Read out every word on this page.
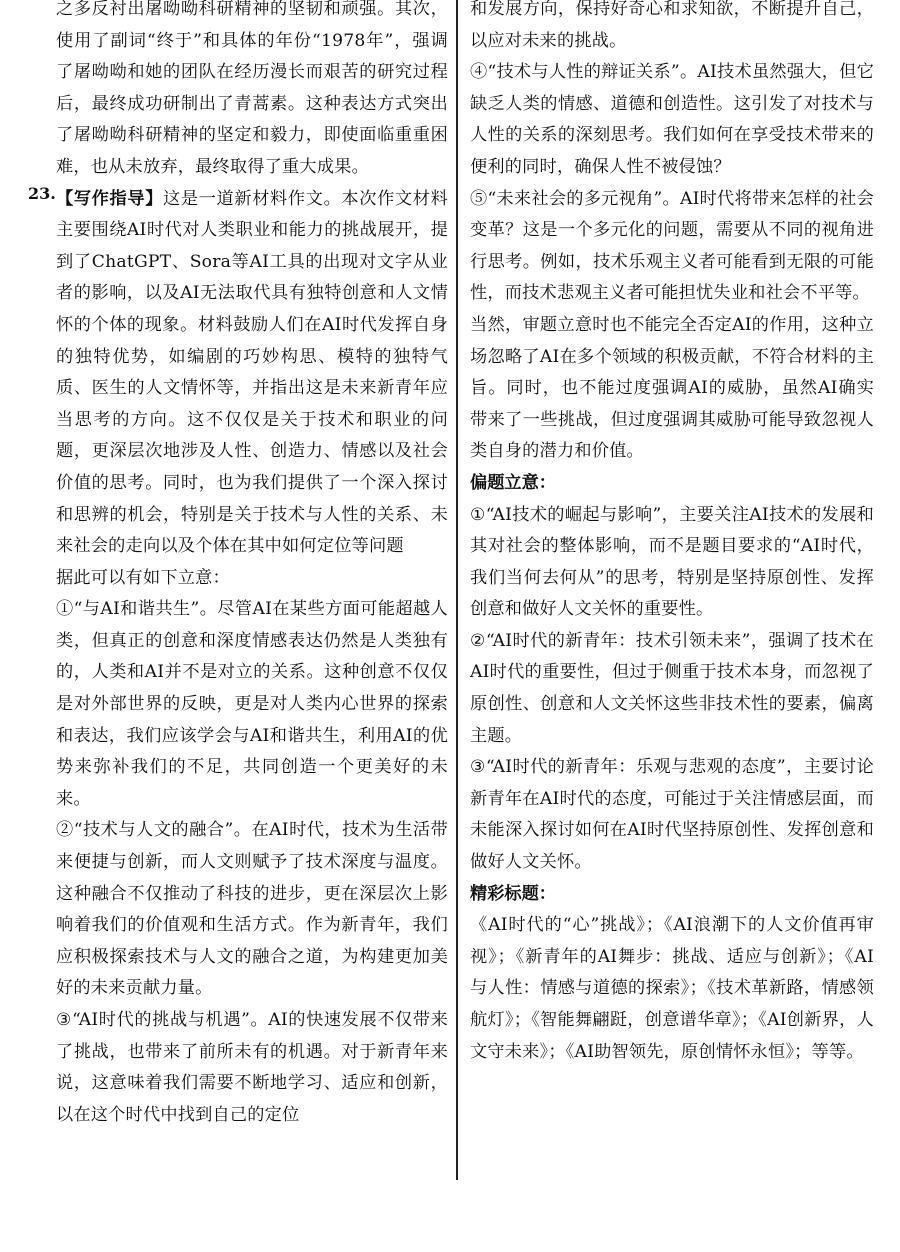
之多反衬出屠呦呦科研精神的坚韧和顽强。其次，使用了副词“终于”和具体的年份“1978年”，强调了屠呦呦和她的团队在经历漫长而艰苦的研究过程后，最终成功研制出了青蒿素。这种表达方式突出了屠呦呦科研精神的坚定和毅力，即使面临重重困难，也从未放弃，最终取得了重大成果。

23. 【写作指导】这是一道新材料作文。本次作文材料主要围绕AI时代对人类职业和能力的挑战展开，提到了ChatGPT、Sora等AI工具的出现对文字从业者的影响，以及AI无法取代具有独特创意和人文情怀的个体的现象。材料鼓励人们在AI时代发挥自身的独特优势，如编剧的巧妙构思、模特的独特气质、医生的人文情怀等，并指出这是未来新青年应当思考的方向。这不仅仅是关于技术和职业的问题，更深层次地涉及人性、创造力、情感以及社会价值的思考。同时，也为我们提供了一个深入探讨和思辨的机会，特别是关于技术与人性的关系、未来社会的走向以及个体在其中如何定位等问题

据此可以有如下立意：

①“与AI和谐共生”。尽管AI在某些方面可能超越人类，但真正的创意和深度情感表达仍然是人类独有的，人类和AI并不是对立的关系。这种创意不仅仅是对外部世界的反映，更是对人类内心世界的探索和表达，我们应该学会与AI和谐共生，利用AI的优势来弥补我们的不足，共同创造一个更美好的未来。

②“技术与人文的融合”。在AI时代，技术为生活带来便捷与创新，而人文则赋予了技术深度与温度。这种融合不仅推动了科技的进步，更在深层次上影响着我们的价值观和生活方式。作为新青年，我们应积极探索技术与人文的融合之道，为构建更加美好的未来贡献力量。

③“AI时代的挑战与机遇”。AI的快速发展不仅带来了挑战，也带来了前所未有的机遇。对于新青年来说，这意味着我们需要不断地学习、适应和创新，以在这个时代中找到自己的定位

和发展方向，保持好奇心和求知欲，不断提升自己，以应对未来的挑战。

④“技术与人性的辩证关系”。AI技术虽然强大，但它缺乏人类的情感、道德和创造性。这引发了对技术与人性的关系的深刻思考。我们如何在享受技术带来的便利的同时，确保人性不被侵蚀？

⑤“未来社会的多元视角”。AI时代将带来怎样的社会变革？这是一个多元化的问题，需要从不同的视角进行思考。例如，技术乐观主义者可能看到无限的可能性，而技术悲观主义者可能担忧失业和社会不平等。

当然，审题立意时也不能完全否定AI的作用，这种立场忽略了AI在多个领域的积极贡献，不符合材料的主旨。同时，也不能过度强调AI的威胁，虽然AI确实带来了一些挑战，但过度强调其威胁可能导致忽视人类自身的潜力和价值。

偏题立意：

①“AI技术的崛起与影响”，主要关注AI技术的发展和其对社会的整体影响，而不是题目要求的“AI时代，我们当何去何从”的思考，特别是坚持原创性、发挥创意和做好人文关怀的重要性。

②“AI时代的新青年：技术引领未来”，强调了技术在AI时代的重要性，但过于侧重于技术本身，而忽视了原创性、创意和人文关怀这些非技术性的要素，偏离主题。

③“AI时代的新青年：乐观与悲观的态度”，主要讨论新青年在AI时代的态度，可能过于关注情感层面，而未能深入探讨如何在AI时代坚持原创性、发挥创意和做好人文关怀。

精彩标题：

《AI时代的“心”挑战》；《AI浪潮下的人文价值再审视》；《新青年的AI舞步：挑战、适应与创新》；《AI与人性：情感与道德的探索》；《技术革新路，情感领航灯》；《智能舞翩跹，创意谱华章》；《AI创新界，人文守未来》；《AI助智领先，原创情怀永恒》；等等。
